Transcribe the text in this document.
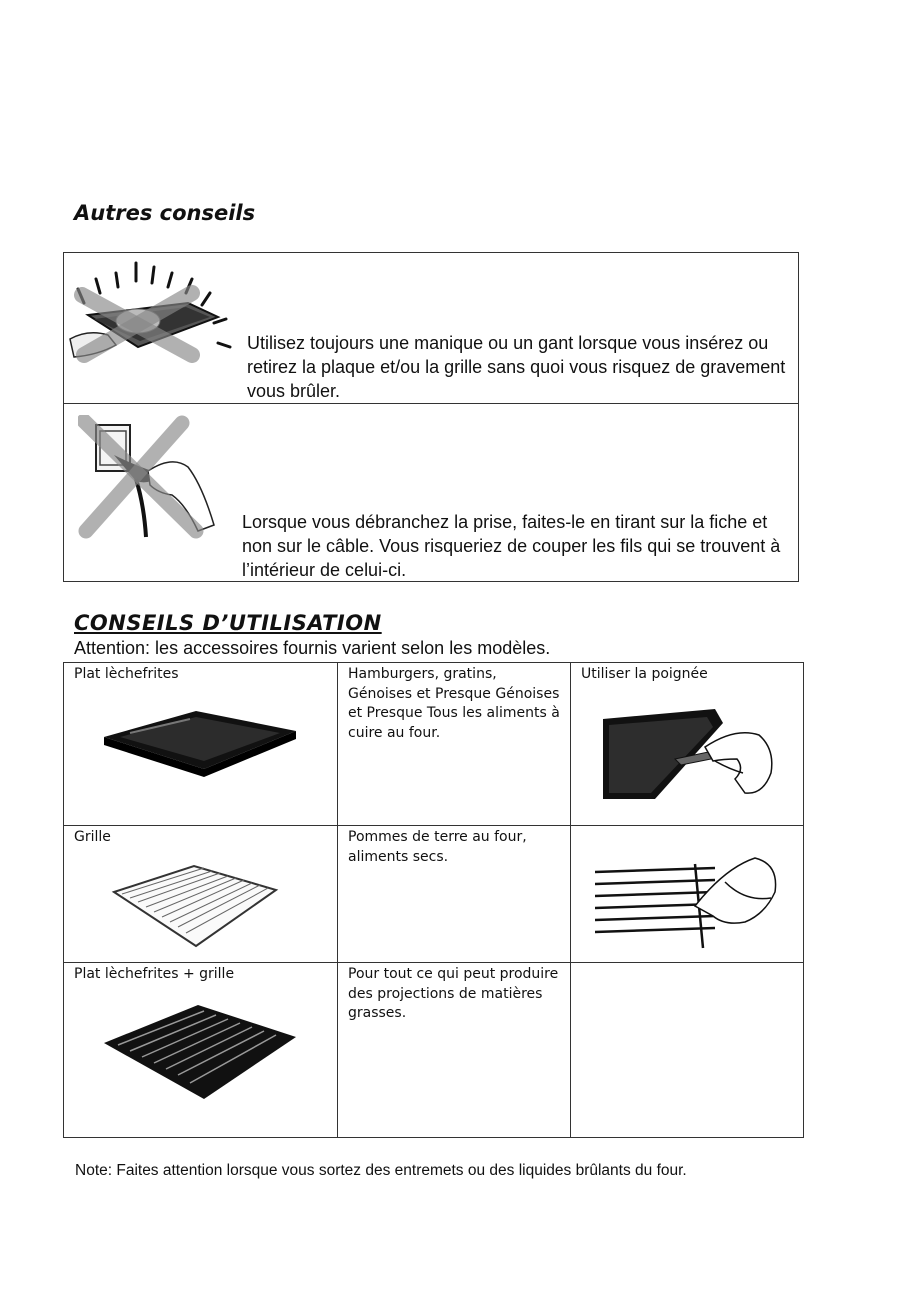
Autres conseils
Utilisez toujours une manique ou un gant lorsque vous insérez ou retirez la plaque et/ou la grille sans quoi vous risquez de gravement vous brûler.
Lorsque vous débranchez la prise, faites-le en tirant sur la fiche et non sur le câble. Vous risqueriez de couper les fils qui se trouvent à l’intérieur de celui-ci.
CONSEILS D’UTILISATION
Attention: les accessoires fournis varient selon les modèles.
Plat lèchefrites	Hamburgers, gratins, Génoises et Presque Génoises et Presque Tous les aliments à cuire au four.	Utiliser la poignée

Grille	Pommes de terre au four, aliments secs.

Plat lèchefrites + grille	Pour tout ce qui peut produire des projections de matières grasses.	

Note: Faites attention lorsque vous sortez des entremets ou des liquides brûlants du four.
